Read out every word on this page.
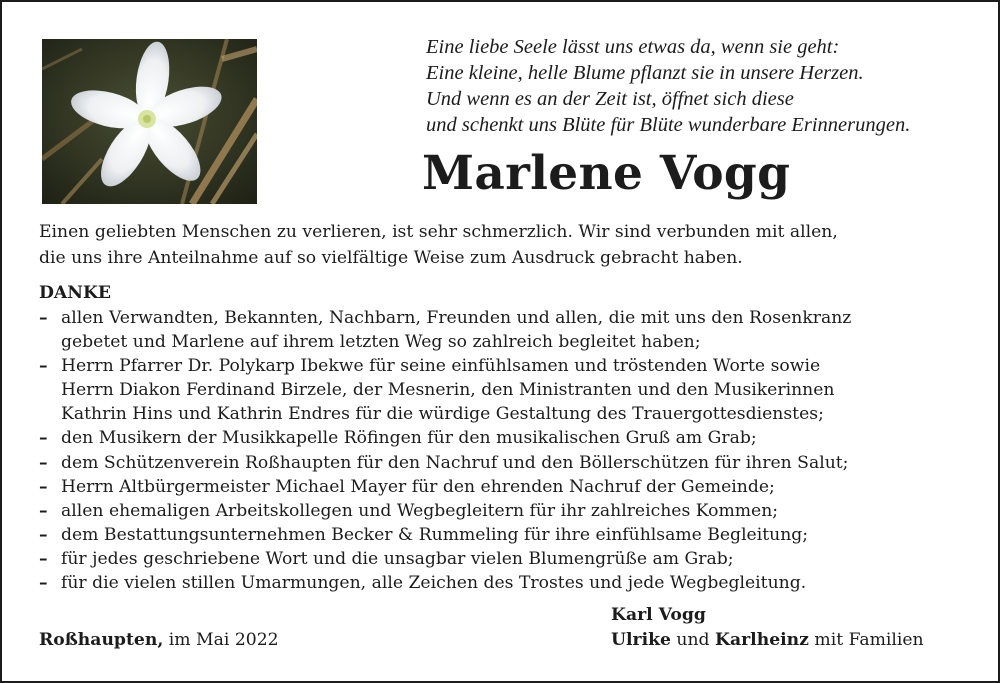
Eine liebe Seele lässt uns etwas da, wenn sie geht:
Eine kleine, helle Blume pflanzt sie in unsere Herzen.
Und wenn es an der Zeit ist, öffnet sich diese
und schenkt uns Blüte für Blüte wunderbare Erinnerungen.
Marlene Vogg
Einen geliebten Menschen zu verlieren, ist sehr schmerzlich. Wir sind verbunden mit allen,
die uns ihre Anteilnahme auf so vielfältige Weise zum Ausdruck gebracht haben.
DANKE
– allen Verwandten, Bekannten, Nachbarn, Freunden und allen, die mit uns den Rosenkranz
gebetet und Marlene auf ihrem letzten Weg so zahlreich begleitet haben;
– Herrn Pfarrer Dr. Polykarp Ibekwe für seine einfühlsamen und tröstenden Worte sowie
Herrn Diakon Ferdinand Birzele, der Mesnerin, den Ministranten und den Musikerinnen
Kathrin Hins und Kathrin Endres für die würdige Gestaltung des Trauergottesdienstes;
– den Musikern der Musikkapelle Röfingen für den musikalischen Gruß am Grab;
– dem Schützenverein Roßhaupten für den Nachruf und den Böllerschützen für ihren Salut;
– Herrn Altbürgermeister Michael Mayer für den ehrenden Nachruf der Gemeinde;
– allen ehemaligen Arbeitskollegen und Wegbegleitern für ihr zahlreiches Kommen;
– dem Bestattungsunternehmen Becker & Rummeling für ihre einfühlsame Begleitung;
– für jedes geschriebene Wort und die unsagbar vielen Blumengrüße am Grab;
– für die vielen stillen Umarmungen, alle Zeichen des Trostes und jede Wegbegleitung.
Roßhaupten, im Mai 2022
Karl Vogg
Ulrike und Karlheinz mit Familien
